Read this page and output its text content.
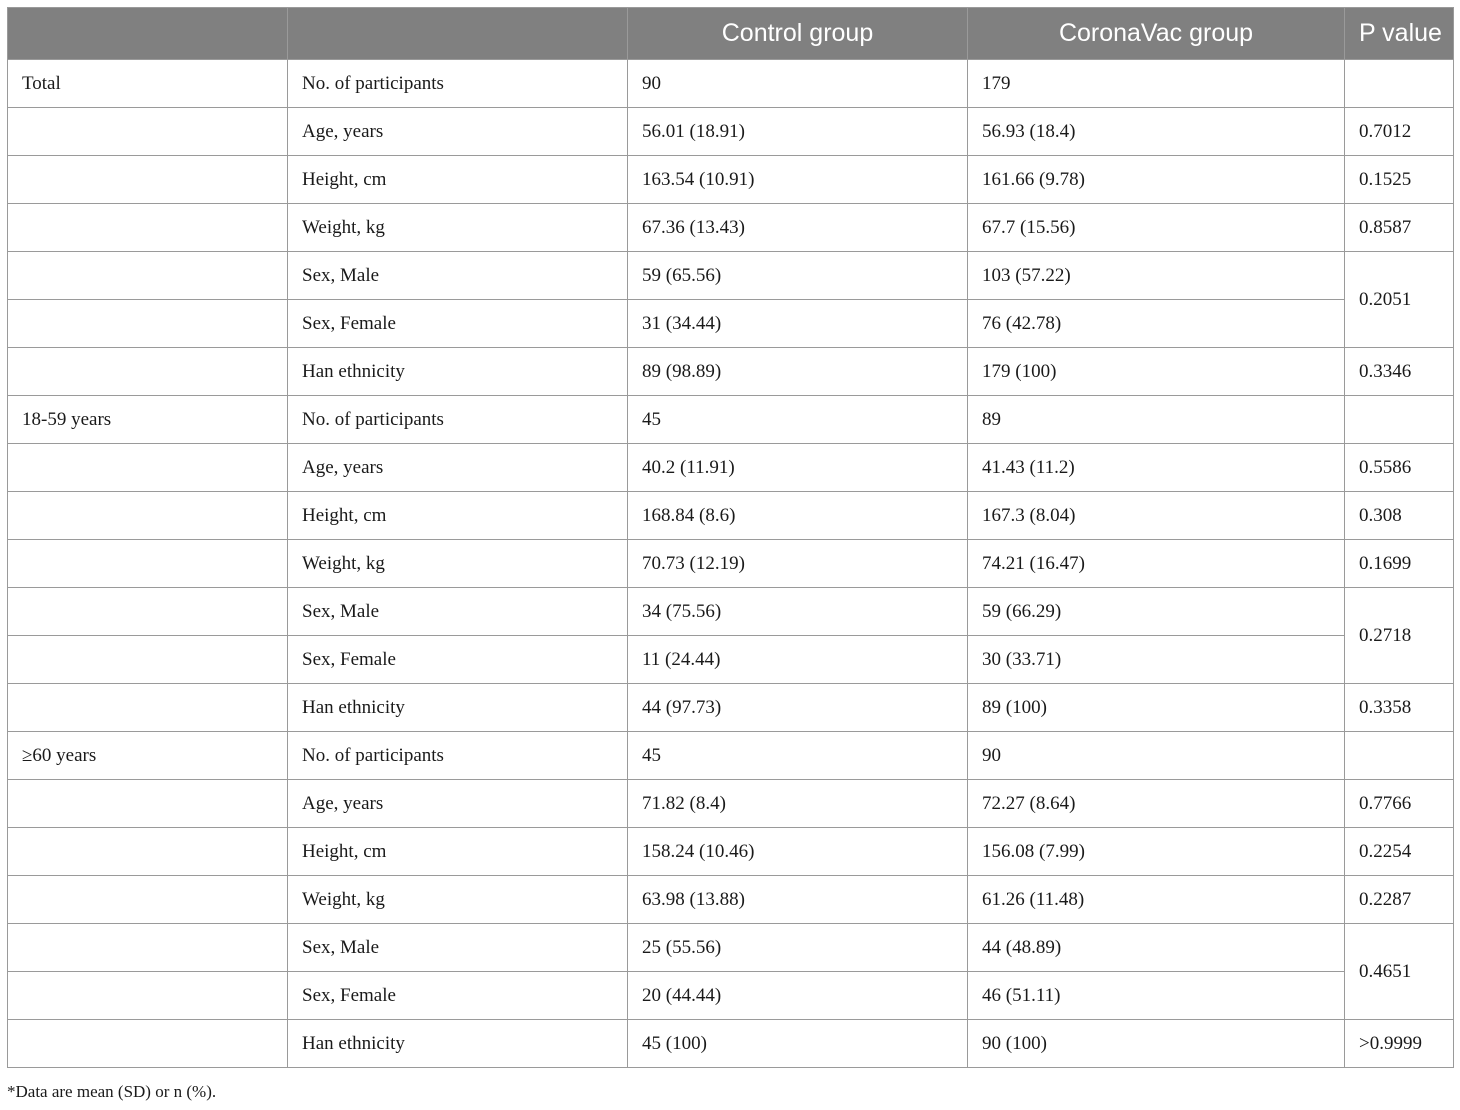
		Control group	CoronaVac group	P value
Total	No. of participants	90	179	
	Age, years	56.01 (18.91)	56.93 (18.4)	0.7012
	Height, cm	163.54 (10.91)	161.66 (9.78)	0.1525
	Weight, kg	67.36 (13.43)	67.7 (15.56)	0.8587
	Sex, Male	59 (65.56)	103 (57.22)	0.2051
	Sex, Female	31 (34.44)	76 (42.78)	
	Han ethnicity	89 (98.89)	179 (100)	0.3346
18-59 years	No. of participants	45	89	
	Age, years	40.2 (11.91)	41.43 (11.2)	0.5586
	Height, cm	168.84 (8.6)	167.3 (8.04)	0.308
	Weight, kg	70.73 (12.19)	74.21 (16.47)	0.1699
	Sex, Male	34 (75.56)	59 (66.29)	0.2718
	Sex, Female	11 (24.44)	30 (33.71)	
	Han ethnicity	44 (97.73)	89 (100)	0.3358
≥60 years	No. of participants	45	90	
	Age, years	71.82 (8.4)	72.27 (8.64)	0.7766
	Height, cm	158.24 (10.46)	156.08 (7.99)	0.2254
	Weight, kg	63.98 (13.88)	61.26 (11.48)	0.2287
	Sex, Male	25 (55.56)	44 (48.89)	0.4651
	Sex, Female	20 (44.44)	46 (51.11)	
	Han ethnicity	45 (100)	90 (100)	>0.9999
*Data are mean (SD) or n (%).
